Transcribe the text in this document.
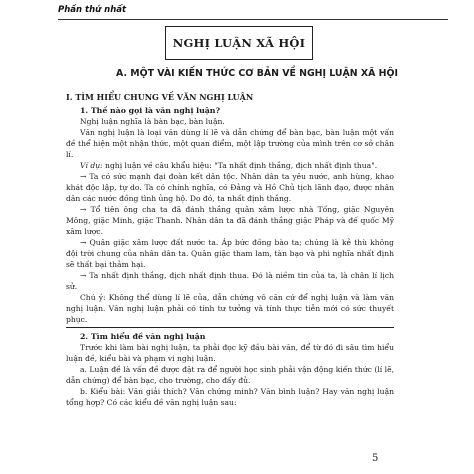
Phần thứ nhất
NGHỊ LUẬN XÃ HỘI
A. MỘT VÀI KIẾN THỨC CƠ BẢN VỀ NGHỊ LUẬN XÃ HỘI

I. TÌM HIỂU CHUNG VỀ VĂN NGHỊ LUẬN

1. Thế nào gọi là văn nghị luận?

Nghị luận nghĩa là bàn bạc, bàn luận.

Văn nghị luận là loại văn dùng lí lẽ và dẫn chứng để bàn bạc, bàn luận một vấn đề thể hiện một nhận thức, một quan điểm, một lập trường của mình trên cơ sở chân lí.

Ví dụ: nghị luận về câu khẩu hiệu: "Ta nhất định thắng, địch nhất định thua".

→ Ta có sức mạnh đại đoàn kết dân tộc. Nhân dân ta yêu nước, anh hùng, khao khát độc lập, tự do. Ta có chính nghĩa, có Đảng và Hồ Chủ tịch lãnh đạo, được nhân dân các nước đồng tình ủng hộ. Do đó, ta nhất định thắng.

→ Tổ tiên ông cha ta đã đánh thắng quân xâm lược nhà Tống, giặc Nguyên Mông, giặc Minh, giặc Thanh. Nhân dân ta đã đánh thắng giặc Pháp và đế quốc Mỹ xâm lược.

→ Quân giặc xâm lược đất nước ta. Áp bức đồng bào ta; chúng là kẻ thù không đội trời chung của nhân dân ta. Quân giặc tham lam, tàn bạo và phi nghĩa nhất định sẽ thất bại thảm hại.

→ Ta nhất định thắng, địch nhất định thua. Đó là niềm tin của ta, là chân lí lịch sử.

Chú ý: Không thể dùng lí lẽ của, dẫn chứng vô căn cứ để nghị luận và làm văn nghị luận. Văn nghị luận phải có tính tư tưởng và tính thực tiễn mới có sức thuyết phục.

2. Tìm hiểu đề văn nghị luận

Trước khi làm bài nghị luận, ta phải đọc kỹ đầu bài văn, để từ đó đi sâu tìm hiểu luận đề, kiểu bài và phạm vi nghị luận.

a. Luận đề là vấn đề được đặt ra để người học sinh phải vận động kiến thức (lí lẽ, dẫn chứng) để bàn bạc, cho trường, cho đấy đủ.

b. Kiểu bài: Văn giải thích? Văn chứng minh? Văn bình luận? Hay văn nghị luận tổng hợp? Có các kiểu đề văn nghị luận sau:

5
